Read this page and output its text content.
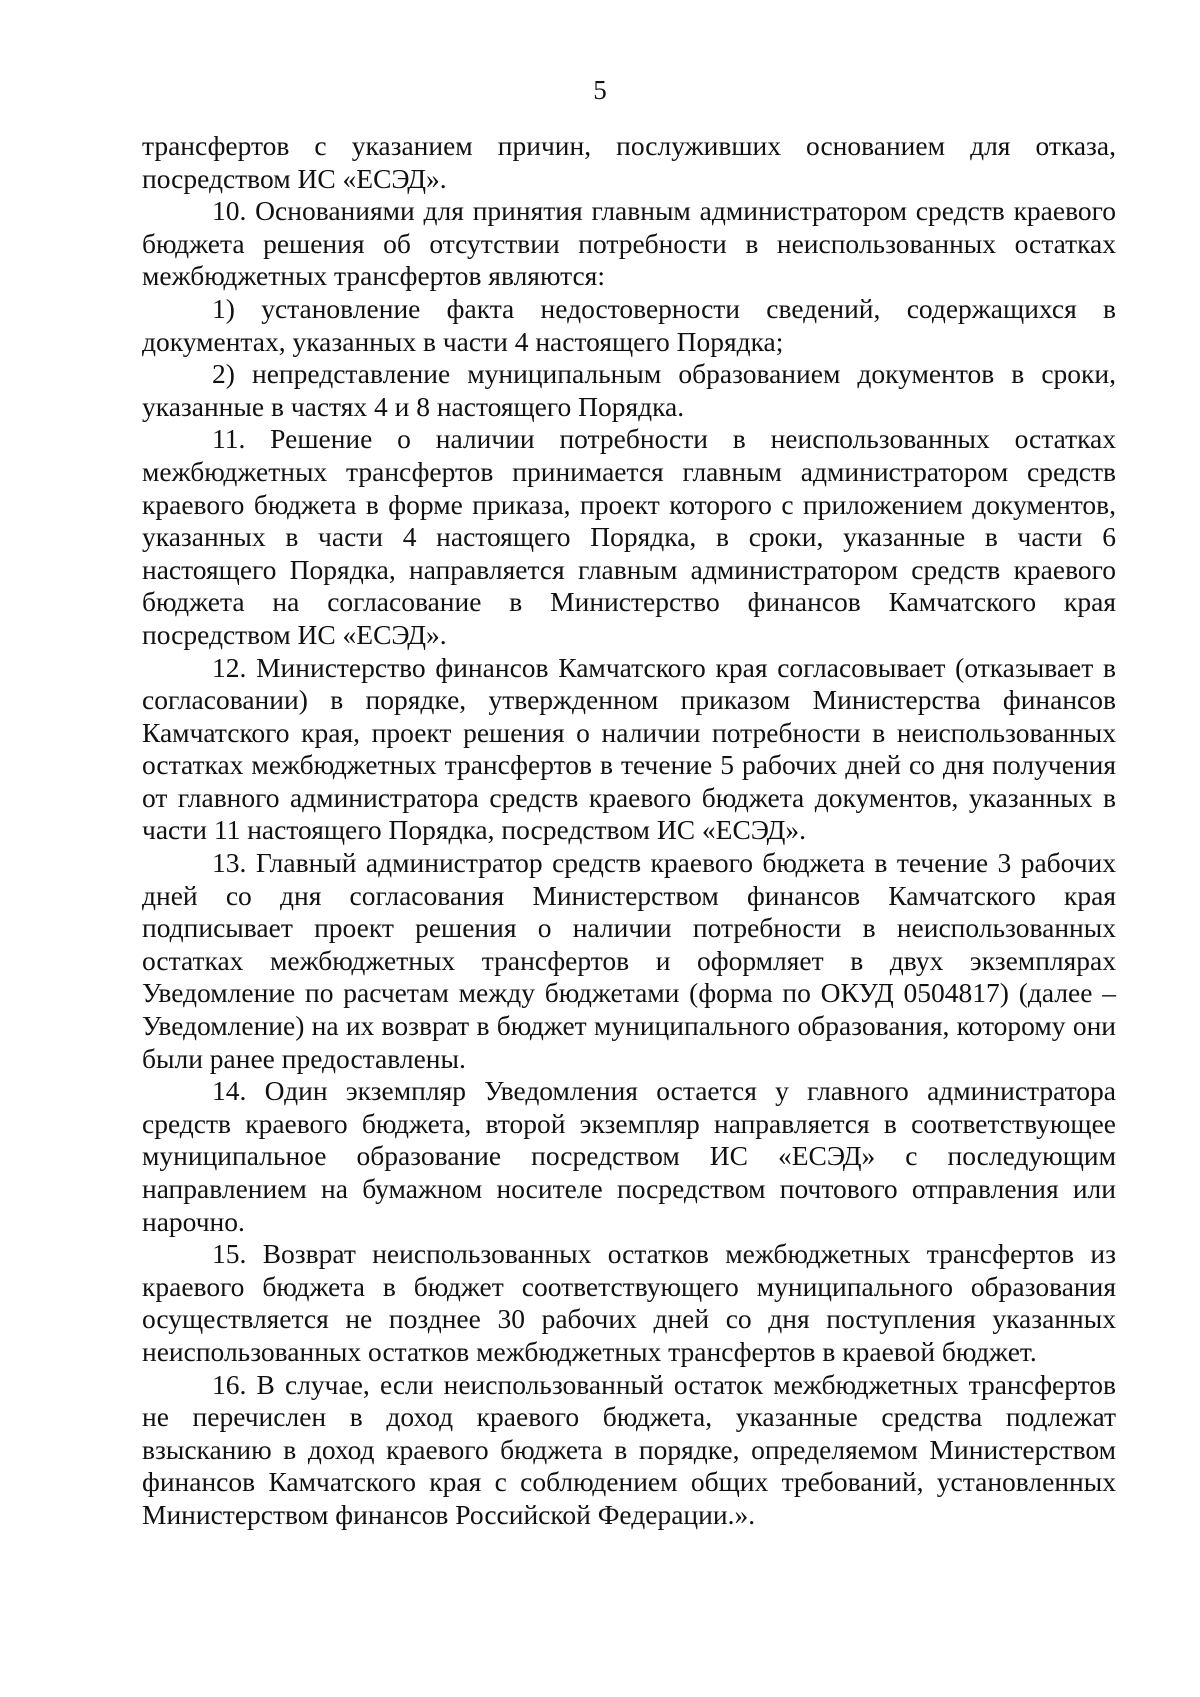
5

трансфертов с указанием причин, послуживших основанием для отказа, посредством ИС «ЕСЭД».

10. Основаниями для принятия главным администратором средств краевого бюджета решения об отсутствии потребности в неиспользованных остатках межбюджетных трансфертов являются:

1) установление факта недостоверности сведений, содержащихся в документах, указанных в части 4 настоящего Порядка;

2) непредставление муниципальным образованием документов в сроки, указанные в частях 4 и 8 настоящего Порядка.

11. Решение о наличии потребности в неиспользованных остатках межбюджетных трансфертов принимается главным администратором средств краевого бюджета в форме приказа, проект которого с приложением документов, указанных в части 4 настоящего Порядка, в сроки, указанные в части 6 настоящего Порядка, направляется главным администратором средств краевого бюджета на согласование в Министерство финансов Камчатского края посредством ИС «ЕСЭД».

12. Министерство финансов Камчатского края согласовывает (отказывает в согласовании) в порядке, утвержденном приказом Министерства финансов Камчатского края, проект решения о наличии потребности в неиспользованных остатках межбюджетных трансфертов в течение 5 рабочих дней со дня получения от главного администратора средств краевого бюджета документов, указанных в части 11 настоящего Порядка, посредством ИС «ЕСЭД».

13. Главный администратор средств краевого бюджета в течение 3 рабочих дней со дня согласования Министерством финансов Камчатского края подписывает проект решения о наличии потребности в неиспользованных остатках межбюджетных трансфертов и оформляет в двух экземплярах Уведомление по расчетам между бюджетами (форма по ОКУД 0504817) (далее – Уведомление) на их возврат в бюджет муниципального образования, которому они были ранее предоставлены.

14. Один экземпляр Уведомления остается у главного администратора средств краевого бюджета, второй экземпляр направляется в соответствующее муниципальное образование посредством ИС «ЕСЭД» с последующим направлением на бумажном носителе посредством почтового отправления или нарочно.

15. Возврат неиспользованных остатков межбюджетных трансфертов из краевого бюджета в бюджет соответствующего муниципального образования осуществляется не позднее 30 рабочих дней со дня поступления указанных неиспользованных остатков межбюджетных трансфертов в краевой бюджет.

16. В случае, если неиспользованный остаток межбюджетных трансфертов не перечислен в доход краевого бюджета, указанные средства подлежат взысканию в доход краевого бюджета в порядке, определяемом Министерством финансов Камчатского края с соблюдением общих требований, установленных Министерством финансов Российской Федерации.».
